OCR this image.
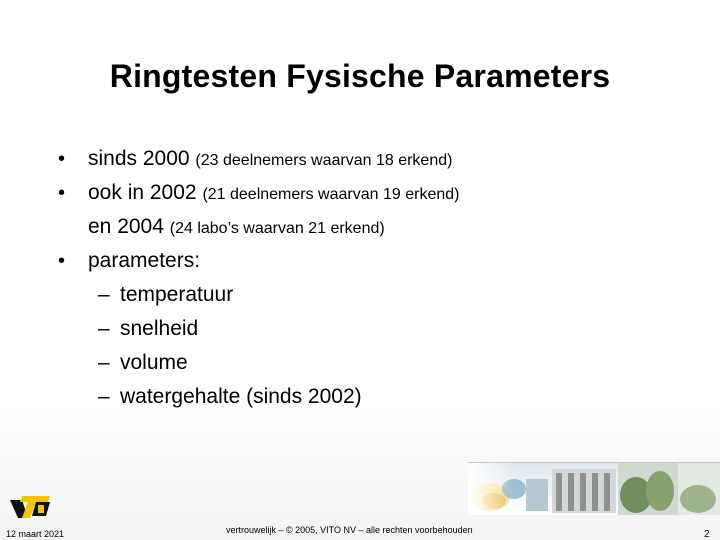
Ringtesten Fysische Parameters
• sinds 2000 (23 deelnemers waarvan 18 erkend)
• ook in 2002 (21 deelnemers waarvan 19 erkend)
en 2004 (24 labo’s waarvan 21 erkend)
• parameters:
– temperatuur
– snelheid
– volume
– watergehalte (sinds 2002)
12 maart 2021	vertrouwelijk – © 2005, VITO NV – alle rechten voorbehouden	2
